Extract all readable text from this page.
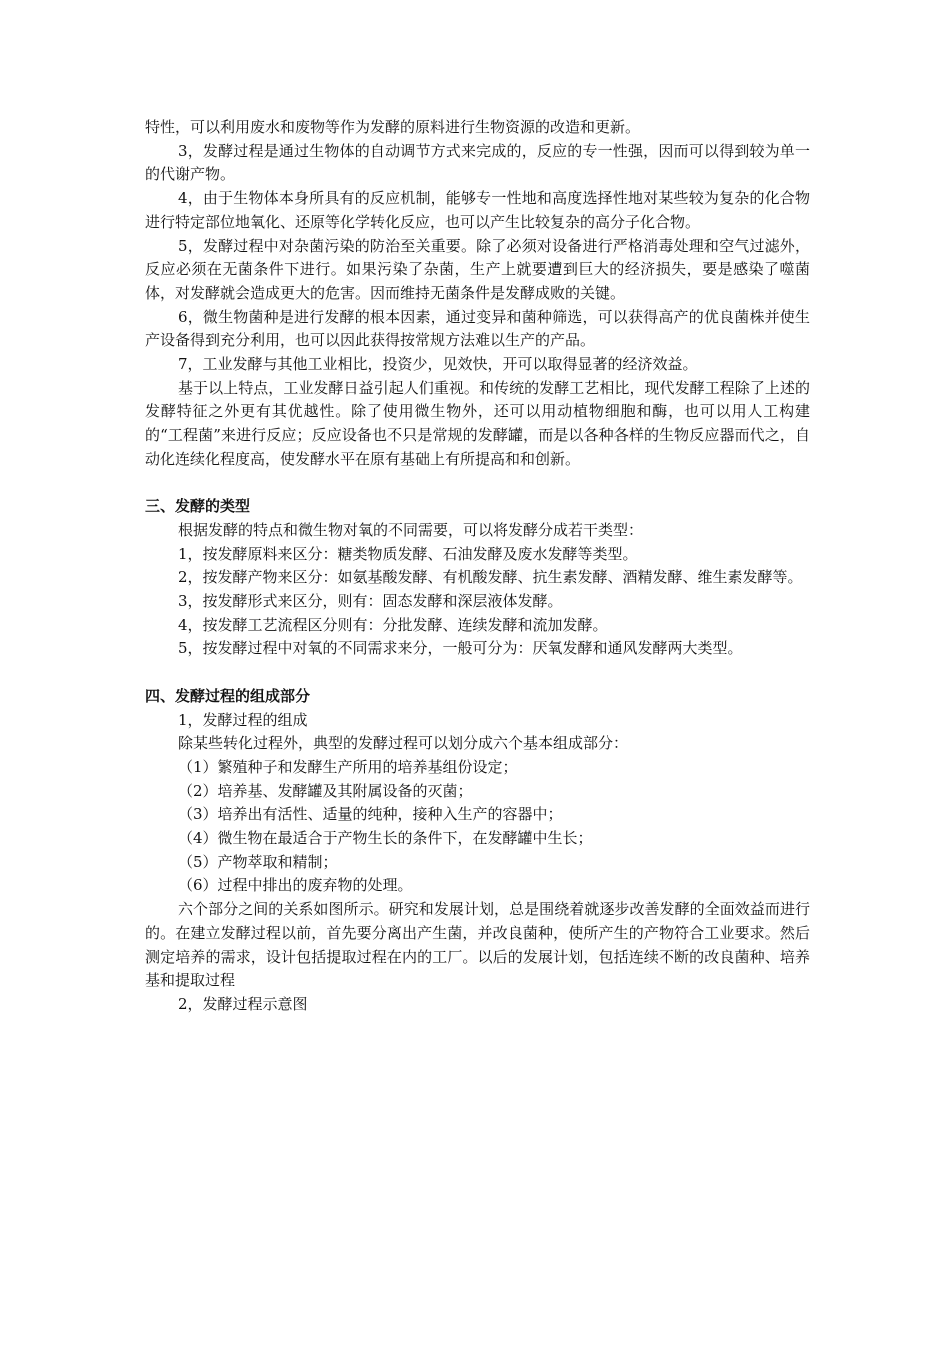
特性，可以利用废水和废物等作为发酵的原料进行生物资源的改造和更新。

3，发酵过程是通过生物体的自动调节方式来完成的，反应的专一性强，因而可以得到较为单一的代谢产物。

4，由于生物体本身所具有的反应机制，能够专一性地和高度选择性地对某些较为复杂的化合物进行特定部位地氧化、还原等化学转化反应，也可以产生比较复杂的高分子化合物。

5，发酵过程中对杂菌污染的防治至关重要。除了必须对设备进行严格消毒处理和空气过滤外，反应必须在无菌条件下进行。如果污染了杂菌，生产上就要遭到巨大的经济损失，要是感染了噬菌体，对发酵就会造成更大的危害。因而维持无菌条件是发酵成败的关键。

6，微生物菌种是进行发酵的根本因素，通过变异和菌种筛选，可以获得高产的优良菌株并使生产设备得到充分利用，也可以因此获得按常规方法难以生产的产品。

7，工业发酵与其他工业相比，投资少，见效快，开可以取得显著的经济效益。

基于以上特点，工业发酵日益引起人们重视。和传统的发酵工艺相比，现代发酵工程除了上述的发酵特征之外更有其优越性。除了使用微生物外，还可以用动植物细胞和酶，也可以用人工构建的“工程菌”来进行反应；反应设备也不只是常规的发酵罐，而是以各种各样的生物反应器而代之，自动化连续化程度高，使发酵水平在原有基础上有所提高和和创新。

三、发酵的类型

根据发酵的特点和微生物对氧的不同需要，可以将发酵分成若干类型：

1，按发酵原料来区分：糖类物质发酵、石油发酵及废水发酵等类型。

2，按发酵产物来区分：如氨基酸发酵、有机酸发酵、抗生素发酵、酒精发酵、维生素发酵等。

3，按发酵形式来区分，则有：固态发酵和深层液体发酵。

4，按发酵工艺流程区分则有：分批发酵、连续发酵和流加发酵。

5，按发酵过程中对氧的不同需求来分，一般可分为：厌氧发酵和通风发酵两大类型。

四、发酵过程的组成部分

1，发酵过程的组成

除某些转化过程外，典型的发酵过程可以划分成六个基本组成部分：

（1）繁殖种子和发酵生产所用的培养基组份设定；

（2）培养基、发酵罐及其附属设备的灭菌；

（3）培养出有活性、适量的纯种，接种入生产的容器中；

（4）微生物在最适合于产物生长的条件下，在发酵罐中生长；

（5）产物萃取和精制；

（6）过程中排出的废弃物的处理。

六个部分之间的关系如图所示。研究和发展计划，总是围绕着就逐步改善发酵的全面效益而进行的。在建立发酵过程以前，首先要分离出产生菌，并改良菌种，使所产生的产物符合工业要求。然后测定培养的需求，设计包括提取过程在内的工厂。以后的发展计划，包括连续不断的改良菌种、培养基和提取过程

2，发酵过程示意图
